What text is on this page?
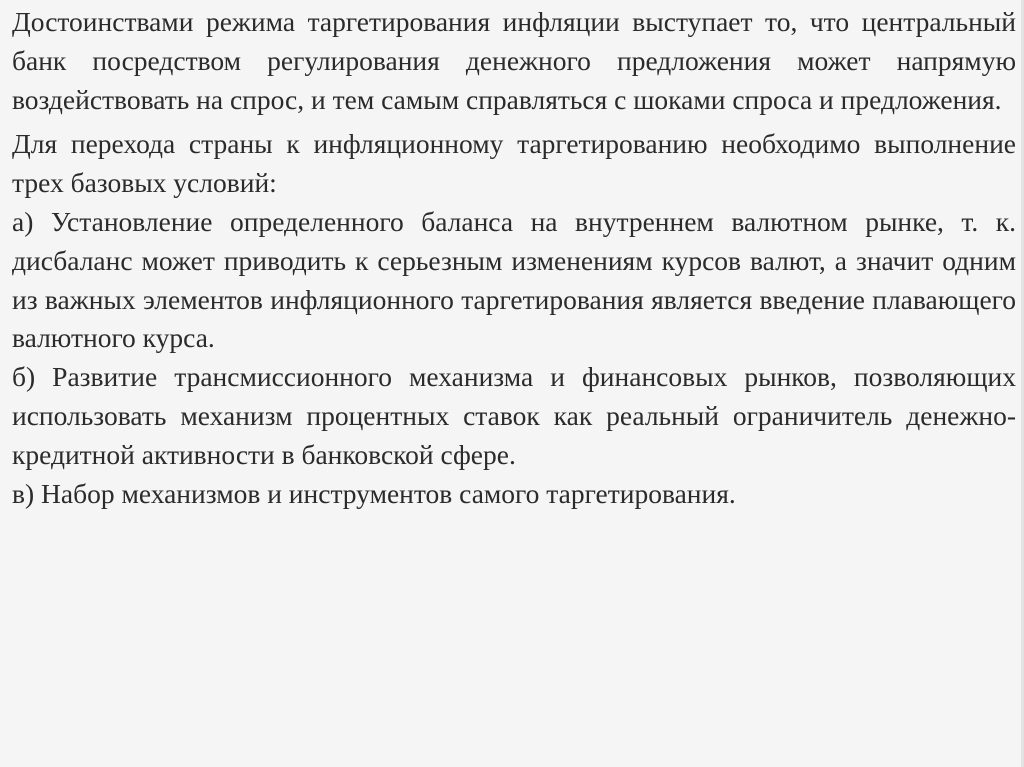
Достоинствами режима таргетирования инфляции выступает то, что центральный банк посредством регулирования денежного предложения может напрямую воздействовать на спрос, и тем самым справляться с шоками спроса и предложения.

Для перехода страны к инфляционному таргетированию необходимо выполнение трех базовых условий:

а) Установление определенного баланса на внутреннем валютном рынке, т. к. дисбаланс может приводить к серьезным изменениям курсов валют, а значит одним из важных элементов инфляционного таргетирования является введение плавающего валютного курса.

б) Развитие трансмиссионного механизма и финансовых рынков, позволяющих использовать механизм процентных ставок как реальный ограничитель денежно-кредитной активности в банковской сфере.

в) Набор механизмов и инструментов самого таргетирования.
